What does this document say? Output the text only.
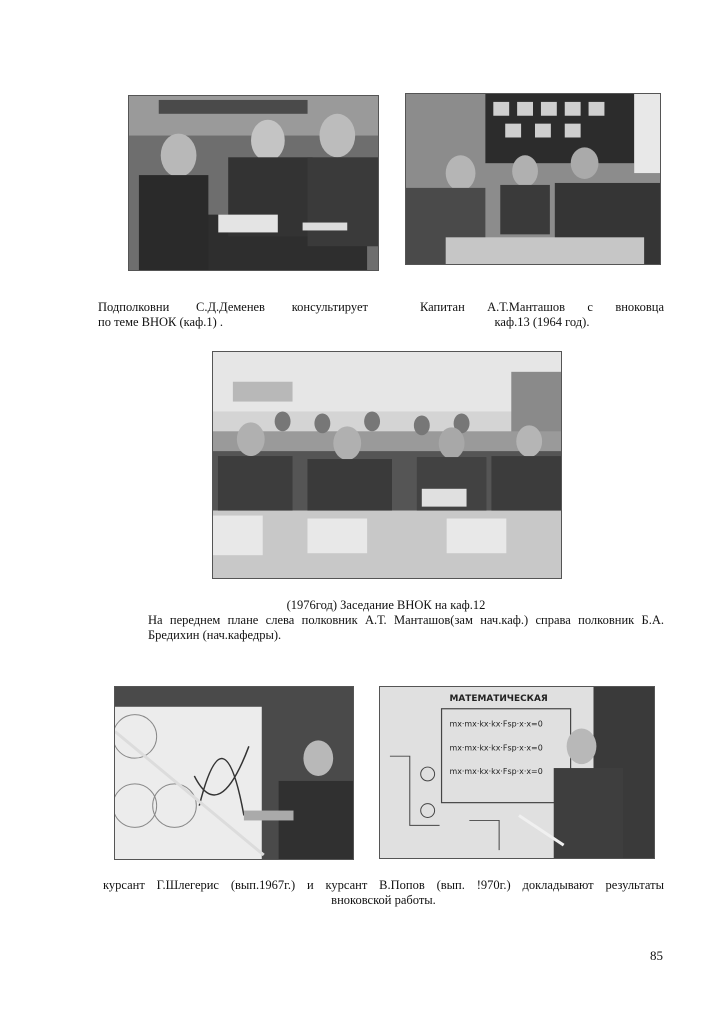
Подполковни С.Д.Деменев консультирует
по теме ВНОК (каф.1) .
Капитан А.Т.Манташов с вноковца
каф.13 (1964 год).
(1976год) Заседание ВНОК на каф.12
На переднем плане слева полковник А.Т. Манташов(зам нач.каф.) справа полковник Б.А.
Бредихин (нач.кафедры).
МАТЕМАТИЧЕСКАЯ
mx·mx·kx·kx·Fsp·x·x=0
mx·mx·kx·kx·Fsp·x·x=0
mx·mx·kx·kx·Fsp·x·x=0
курсант Г.Шлегерис (вып.1967г.) и курсант В.Попов (вып. !970г.) докладывают результаты
вноковской работы.
85
